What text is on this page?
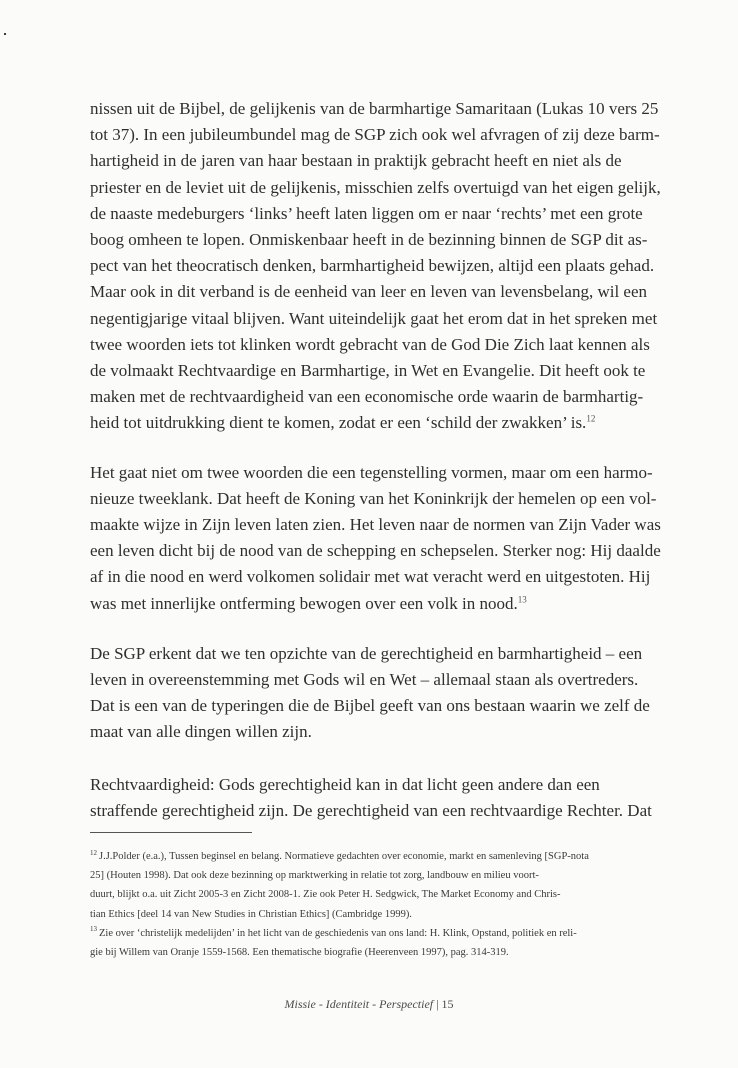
nissen uit de Bijbel, de gelijkenis van de barmhartige Samaritaan (Lukas 10 vers 25
tot 37). In een jubileumbundel mag de SGP zich ook wel afvragen of zij deze barm-
hartigheid in de jaren van haar bestaan in praktijk gebracht heeft en niet als de
priester en de leviet uit de gelijkenis, misschien zelfs overtuigd van het eigen gelijk,
de naaste medeburgers ‘links’ heeft laten liggen om er naar ‘rechts’ met een grote
boog omheen te lopen. Onmiskenbaar heeft in de bezinning binnen de SGP dit as-
pect van het theocratisch denken, barmhartigheid bewijzen, altijd een plaats gehad.
Maar ook in dit verband is de eenheid van leer en leven van levensbelang, wil een
negentigjarige vitaal blijven. Want uiteindelijk gaat het erom dat in het spreken met
twee woorden iets tot klinken wordt gebracht van de God Die Zich laat kennen als
de volmaakt Rechtvaardige en Barmhartige, in Wet en Evangelie. Dit heeft ook te
maken met de rechtvaardigheid van een economische orde waarin de barmhartig-
heid tot uitdrukking dient te komen, zodat er een ‘schild der zwakken’ is.$^{12}$

Het gaat niet om twee woorden die een tegenstelling vormen, maar om een harmo-
nieuze tweeklank. Dat heeft de Koning van het Koninkrijk der hemelen op een vol-
maakte wijze in Zijn leven laten zien. Het leven naar de normen van Zijn Vader was
een leven dicht bij de nood van de schepping en schepselen. Sterker nog: Hij daalde
af in die nood en werd volkomen solidair met wat veracht werd en uitgestoten. Hij
was met innerlijke ontferming bewogen over een volk in nood.$^{13}$

De SGP erkent dat we ten opzichte van de gerechtigheid en barmhartigheid – een
leven in overeenstemming met Gods wil en Wet – allemaal staan als overtreders.
Dat is een van de typeringen die de Bijbel geeft van ons bestaan waarin we zelf de
maat van alle dingen willen zijn.

Rechtvaardigheid: Gods gerechtigheid kan in dat licht geen andere dan een
straffende gerechtigheid zijn. De gerechtigheid van een rechtvaardige Rechter. Dat

$^{12}$ J.J.Polder (e.a.), Tussen beginsel en belang. Normatieve gedachten over economie, markt en samenleving [SGP-nota
25] (Houten 1998). Dat ook deze bezinning op marktwerking in relatie tot zorg, landbouw en milieu voort-
duurt, blijkt o.a. uit Zicht 2005-3 en Zicht 2008-1. Zie ook Peter H. Sedgwick, The Market Economy and Chris-
tian Ethics [deel 14 van New Studies in Christian Ethics] (Cambridge 1999).

$^{13}$ Zie over ‘christelijk medelijden’ in het licht van de geschiedenis van ons land: H. Klink, Opstand, politiek en reli-
gie bij Willem van Oranje 1559-1568. Een thematische biografie (Heerenveen 1997), pag. 314-319.

Missie - Identiteit - Perspectief | 15
